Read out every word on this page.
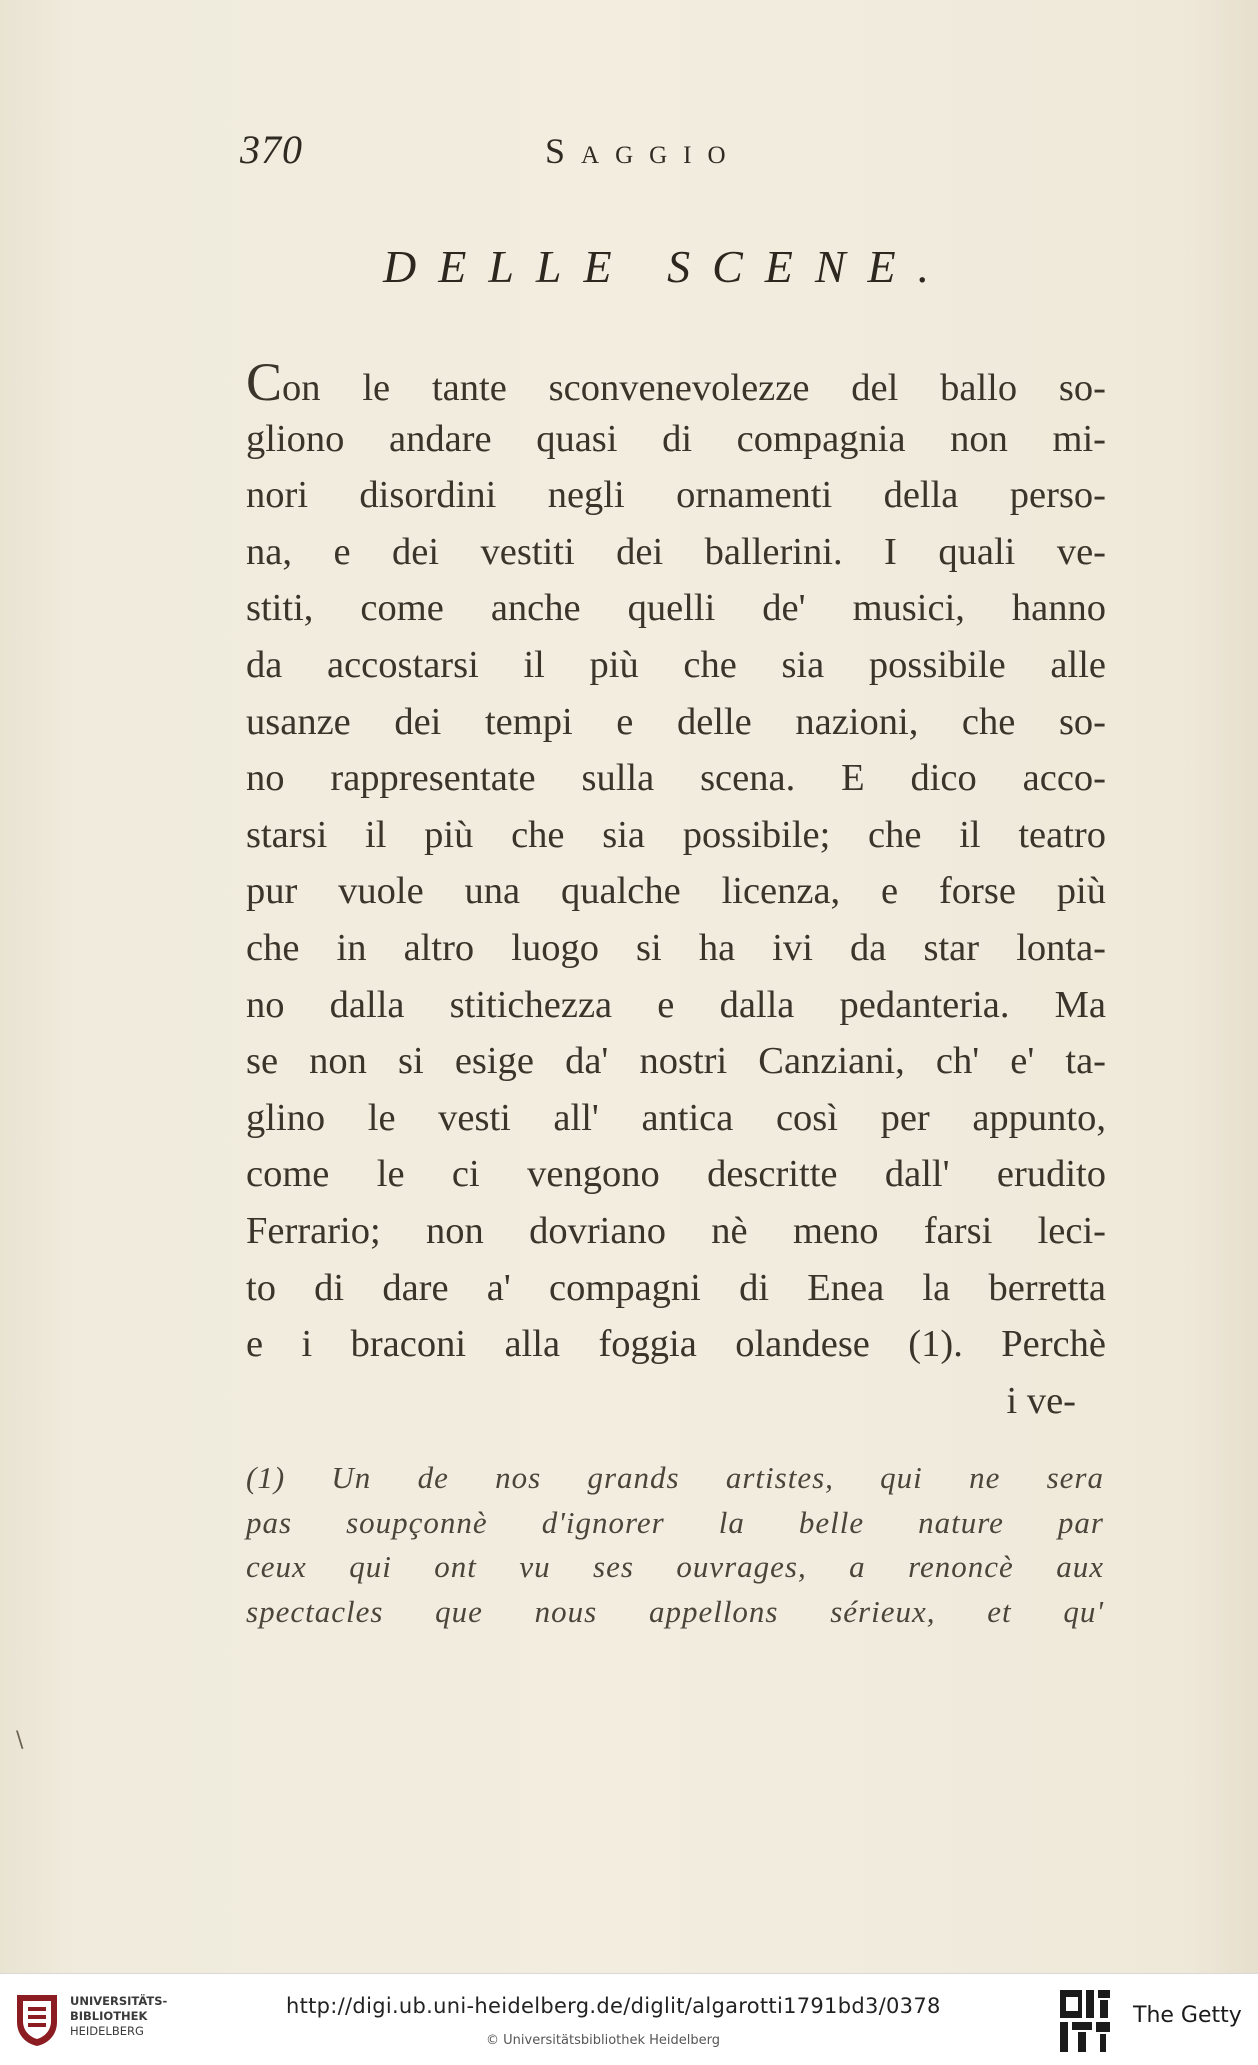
370	Saggio
DELLE SCENE.
Con le tante sconvenevolezze del ballo so-
gliono andare quasi di compagnia non mi-
nori disordini negli ornamenti della perso-
na, e dei vestiti dei ballerini. I quali ve-
stiti, come anche quelli de' musici, hanno
da accostarsi il più che sia possibile alle
usanze dei tempi e delle nazioni, che so-
no rappresentate sulla scena. E dico acco-
starsi il più che sia possibile; che il teatro
pur vuole una qualche licenza, e forse più
che in altro luogo si ha ivi da star lonta-
no dalla stitichezza e dalla pedanteria. Ma
se non si esige da' nostri Canziani, ch' e' ta-
glino le vesti all' antica così per appunto,
come le ci vengono descritte dall' erudito
Ferrario; non dovriano nè meno farsi leci-
to di dare a' compagni di Enea la berretta
e i braconi alla foggia olandese (1). Perchè
i ve-
(1) Un de nos grands artistes, qui ne sera
pas soupçonnè d'ignorer la belle nature par
ceux qui ont vu ses ouvrages, a renoncè aux
spectacles que nous appellons sérieux, et qu'
\
UNIVERSITÄTS-
BIBLIOTHEK
HEIDELBERG
http://digi.ub.uni-heidelberg.de/diglit/algarotti1791bd3/0378
© Universitätsbibliothek Heidelberg
The Getty
